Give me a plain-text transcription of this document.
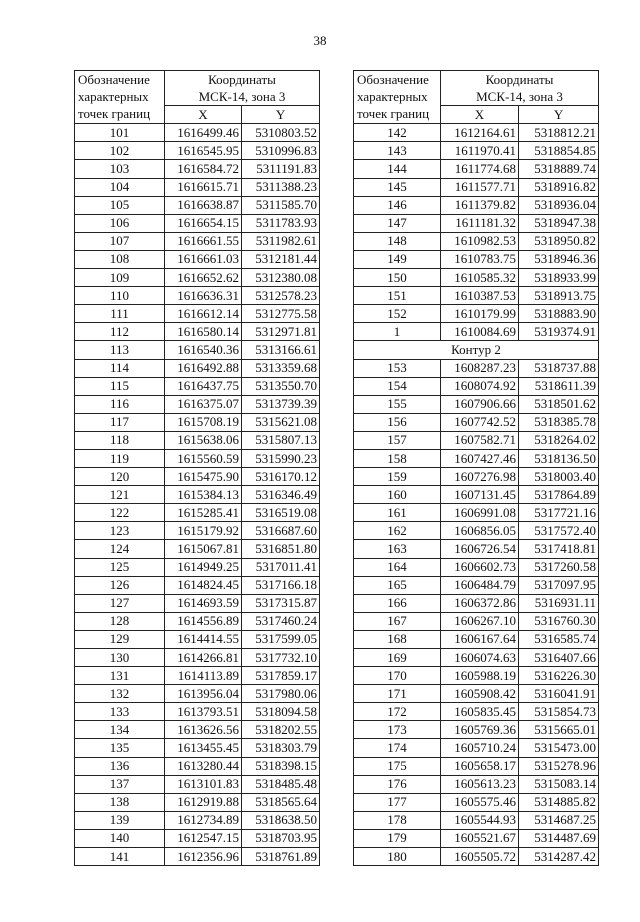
38
Обозначение	Координаты	
характерных	МСК-14, зона 3	
точек границ	X	Y
101	1616499.46	5310803.52
102	1616545.95	5310996.83
103	1616584.72	5311191.83
104	1616615.71	5311388.23
105	1616638.87	5311585.70
106	1616654.15	5311783.93
107	1616661.55	5311982.61
108	1616661.03	5312181.44
109	1616652.62	5312380.08
110	1616636.31	5312578.23
111	1616612.14	5312775.58
112	1616580.14	5312971.81
113	1616540.36	5313166.61
114	1616492.88	5313359.68
115	1616437.75	5313550.70
116	1616375.07	5313739.39
117	1615708.19	5315621.08
118	1615638.06	5315807.13
119	1615560.59	5315990.23
120	1615475.90	5316170.12
121	1615384.13	5316346.49
122	1615285.41	5316519.08
123	1615179.92	5316687.60
124	1615067.81	5316851.80
125	1614949.25	5317011.41
126	1614824.45	5317166.18
127	1614693.59	5317315.87
128	1614556.89	5317460.24
129	1614414.55	5317599.05
130	1614266.81	5317732.10
131	1614113.89	5317859.17
132	1613956.04	5317980.06
133	1613793.51	5318094.58
134	1613626.56	5318202.55
135	1613455.45	5318303.79
136	1613280.44	5318398.15
137	1613101.83	5318485.48
138	1612919.88	5318565.64
139	1612734.89	5318638.50
140	1612547.15	5318703.95
141	1612356.96	5318761.89
Обозначение	Координаты	
характерных	МСК-14, зона 3	
точек границ	X	Y
142	1612164.61	5318812.21
143	1611970.41	5318854.85
144	1611774.68	5318889.74
145	1611577.71	5318916.82
146	1611379.82	5318936.04
147	1611181.32	5318947.38
148	1610982.53	5318950.82
149	1610783.75	5318946.36
150	1610585.32	5318933.99
151	1610387.53	5318913.75
152	1610179.99	5318883.90
1	1610084.69	5319374.91
Контур 2		
153	1608287.23	5318737.88
154	1608074.92	5318611.39
155	1607906.66	5318501.62
156	1607742.52	5318385.78
157	1607582.71	5318264.02
158	1607427.46	5318136.50
159	1607276.98	5318003.40
160	1607131.45	5317864.89
161	1606991.08	5317721.16
162	1606856.05	5317572.40
163	1606726.54	5317418.81
164	1606602.73	5317260.58
165	1606484.79	5317097.95
166	1606372.86	5316931.11
167	1606267.10	5316760.30
168	1606167.64	5316585.74
169	1606074.63	5316407.66
170	1605988.19	5316226.30
171	1605908.42	5316041.91
172	1605835.45	5315854.73
173	1605769.36	5315665.01
174	1605710.24	5315473.00
175	1605658.17	5315278.96
176	1605613.23	5315083.14
177	1605575.46	5314885.82
178	1605544.93	5314687.25
179	1605521.67	5314487.69
180	1605505.72	5314287.42
